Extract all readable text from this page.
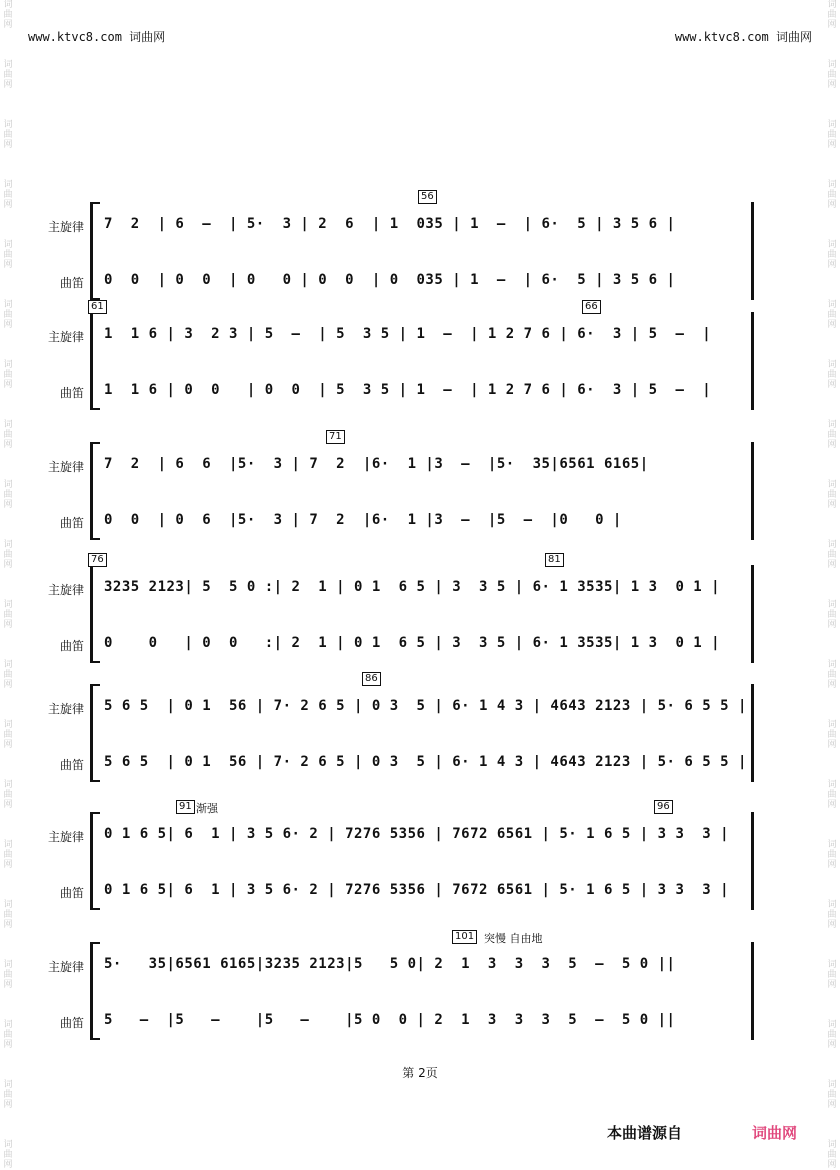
www.ktvc8.com 词曲网	www.ktvc8.com 词曲网
词
曲
网
词
曲
网
词
曲
网
词
曲
网
词
曲
网
词
曲
网
词
曲
网
词
曲
网
词
曲
网
词
曲
网
词
曲
网
词
曲
网
词
曲
网
词
曲
网
词
曲
网
词
曲
网
词
曲
网
词
曲
网
词
曲
网
词
曲
网
词
曲
网
词
曲
网
词
曲
网
词
曲
网
词
曲
网
词
曲
网
词
曲
网
词
曲
网
词
曲
网
词
曲
网
词
曲
网
词
曲
网
词
曲
网
词
曲
网
词
曲
网
词
曲
网
词
曲
网
词
曲
网
词
曲
网
词
曲
网
56
主旋律
曲笛
7  2  | 6  –  | 5·  3 | 2  6  | 1  035 | 1  –  | 6·  5 | 3 5 6 |
0  0  | 0  0  | 0   0 | 0  0  | 0  035 | 1  –  | 6·  5 | 3 5 6 |
61	66
主旋律
曲笛
1  1 6 | 3  2 3 | 5  –  | 5  3 5 | 1  –  | 1 2 7 6 | 6·  3 | 5  –  |
1  1 6 | 0  0   | 0  0  | 5  3 5 | 1  –  | 1 2 7 6 | 6·  3 | 5  –  |
71
主旋律
曲笛
7  2  | 6  6  |5·  3 | 7  2  |6·  1 |3  –  |5·  35|6561 6165|
0  0  | 0  6  |5·  3 | 7  2  |6·  1 |3  –  |5  –  |0   0 |
76	81
主旋律
曲笛
3235 2123| 5  5 0 :| 2  1 | 0 1  6 5 | 3  3 5 | 6· 1 3535| 1 3  0 1 |
0    0   | 0  0   :| 2  1 | 0 1  6 5 | 3  3 5 | 6· 1 3535| 1 3  0 1 |
86
主旋律
曲笛
5 6 5  | 0 1  56 | 7· 2 6 5 | 0 3  5 | 6· 1 4 3 | 4643 2123 | 5· 6 5 5 |
5 6 5  | 0 1  56 | 7· 2 6 5 | 0 3  5 | 6· 1 4 3 | 4643 2123 | 5· 6 5 5 |
91	96
渐强
主旋律
曲笛
0 1 6 5| 6  1 | 3 5 6· 2 | 7276 5356 | 7672 6561 | 5· 1 6 5 | 3 3  3 |
0 1 6 5| 6  1 | 3 5 6· 2 | 7276 5356 | 7672 6561 | 5· 1 6 5 | 3 3  3 |
101 突慢 自由地
主旋律
曲笛
5·   35|6561 6165|3235 2123|5   5 0| 2  1  3  3  3  5  –  5 0 ||
5   –  |5   –    |5   –    |5 0  0 | 2  1  3  3  3  5  –  5 0 ||
第 2页
本曲谱源自	词曲网
